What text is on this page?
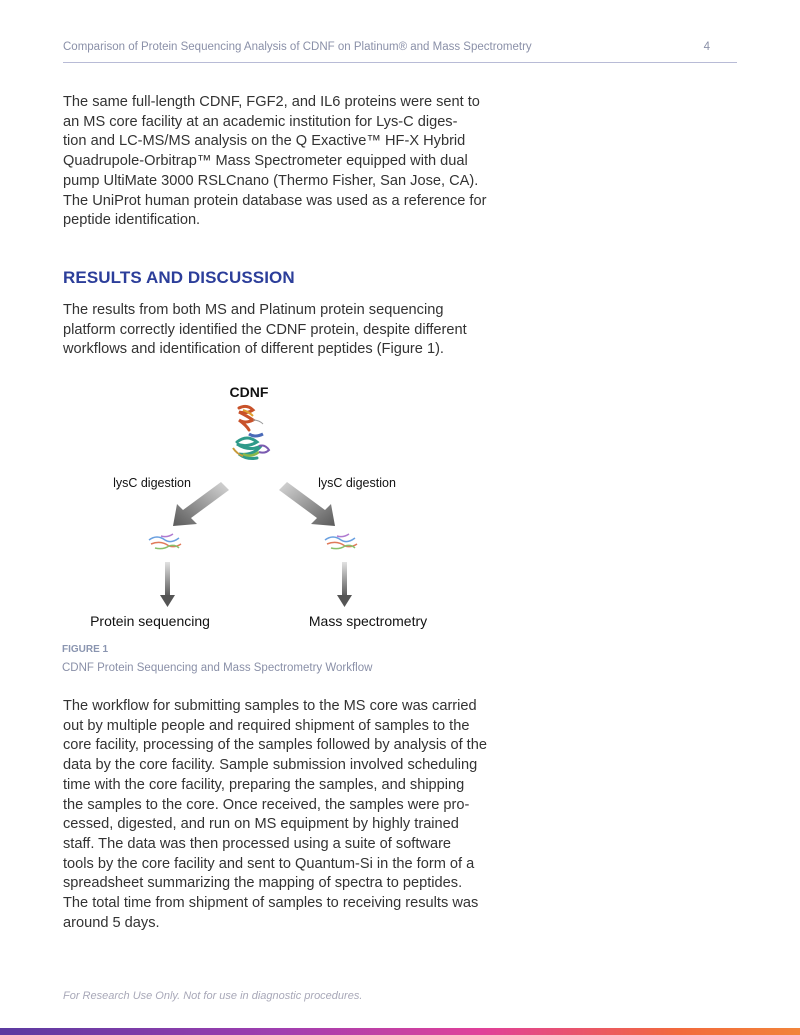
Comparison of Protein Sequencing Analysis of CDNF on Platinum® and Mass Spectrometry	4
The same full-length CDNF, FGF2, and IL6 proteins were sent to
an MS core facility at an academic institution for Lys-C diges-
tion and LC-MS/MS analysis on the Q Exactive™ HF-X Hybrid
Quadrupole-Orbitrap™ Mass Spectrometer equipped with dual
pump UltiMate 3000 RSLCnano (Thermo Fisher, San Jose, CA).
The UniProt human protein database was used as a reference for
peptide identification.
RESULTS AND DISCUSSION
The results from both MS and Platinum protein sequencing
platform correctly identified the CDNF protein, despite different
workflows and identification of different peptides (Figure 1).
CDNF
lysC digestion	lysC digestion
Protein sequencing	Mass spectrometry
FIGURE 1
CDNF Protein Sequencing and Mass Spectrometry Workflow
The workflow for submitting samples to the MS core was carried
out by multiple people and required shipment of samples to the
core facility, processing of the samples followed by analysis of the
data by the core facility. Sample submission involved scheduling
time with the core facility, preparing the samples, and shipping
the samples to the core. Once received, the samples were pro-
cessed, digested, and run on MS equipment by highly trained
staff. The data was then processed using a suite of software
tools by the core facility and sent to Quantum-Si in the form of a
spreadsheet summarizing the mapping of spectra to peptides.
The total time from shipment of samples to receiving results was
around 5 days.
For Research Use Only. Not for use in diagnostic procedures.
